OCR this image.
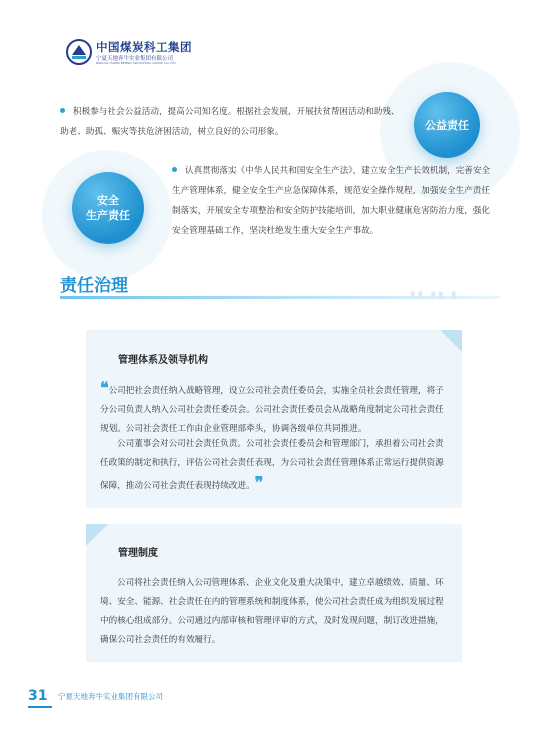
中国煤炭科工集团
宁夏天地奔牛实业集团有限公司
NINGXIA TIANDI BENNIU INDUSTRIAL GROUP CO.,LTD
积极参与社会公益活动，提高公司知名度。根据社会发展，开展扶贫帮困活动和助残、助老、助孤、赈灾等扶危济困活动，树立良好的公司形象。	公益责任
安全
生产责任
认真贯彻落实《中华人民共和国安全生产法》，建立安全生产长效机制，完善安全生产管理体系，健全安全生产应急保障体系，规范安全操作规程，加强安全生产责任制落实，开展安全专项整治和安全防护技能培训，加大职业健康危害防治力度，强化安全管理基础工作，坚决杜绝发生重大安全生产事故。
责任治理	▮▮ ▮▮ ▮
管理体系及领导机构
❝公司把社会责任纳入战略管理，设立公司社会责任委员会，实施全员社会责任管理，将子分公司负责人纳入公司社会责任委员会。公司社会责任委员会从战略角度制定公司社会责任规划。公司社会责任工作由企业管理部牵头，协调各级单位共同推进。
公司董事会对公司社会责任负责。公司社会责任委员会和管理部门，承担着公司社会责任政策的制定和执行，评估公司社会责任表现，为公司社会责任管理体系正常运行提供资源保障，推动公司社会责任表现持续改进。❞
管理制度
公司将社会责任纳入公司管理体系、企业文化及重大决策中，建立卓越绩效、质量、环境、安全、能源、社会责任在内的管理系统和制度体系，使公司社会责任成为组织发展过程中的核心组成部分。公司通过内部审核和管理评审的方式，及时发现问题，制订改进措施，确保公司社会责任的有效履行。
31 宁夏天地奔牛实业集团有限公司
